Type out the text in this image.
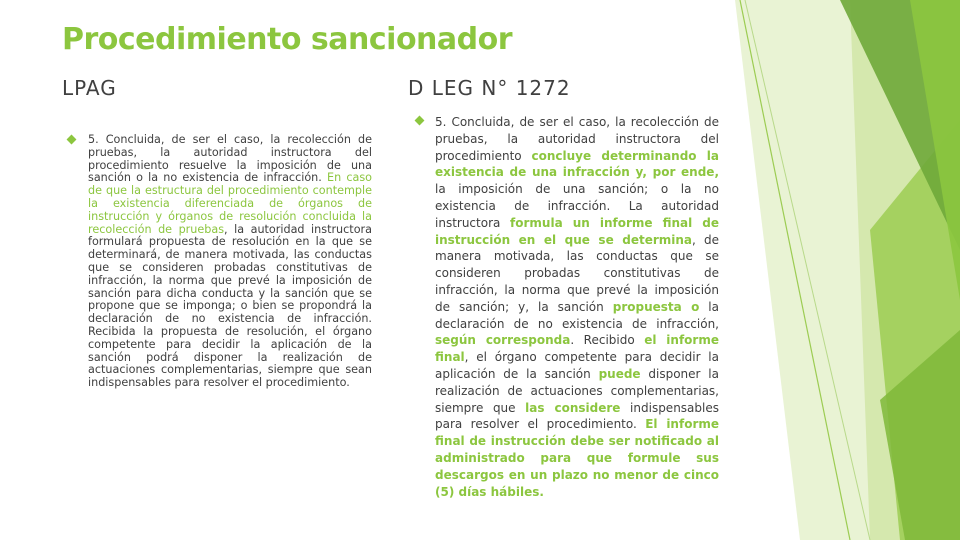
Procedimiento sancionador
LPAG	D LEG N° 1272

5. Concluida, de ser el caso, la recolección de pruebas, la autoridad instructora del procedimiento resuelve la imposición de una sanción o la no existencia de infracción. En caso de que la estructura del procedimiento contemple la existencia diferenciada de órganos de instrucción y órganos de resolución concluida la recolección de pruebas, la autoridad instructora formulará propuesta de resolución en la que se determinará, de manera motivada, las conductas que se consideren probadas constitutivas de infracción, la norma que prevé la imposición de sanción para dicha conducta y la sanción que se propone que se imponga; o bien se propondrá la declaración de no existencia de infracción. Recibida la propuesta de resolución, el órgano competente para decidir la aplicación de la sanción podrá disponer la realización de actuaciones complementarias, siempre que sean indispensables para resolver el procedimiento.

5. Concluida, de ser el caso, la recolección de pruebas, la autoridad instructora del procedimiento concluye determinando la existencia de una infracción y, por ende, la imposición de una sanción; o la no existencia de infracción. La autoridad instructora formula un informe final de instrucción en el que se determina, de manera motivada, las conductas que se consideren probadas constitutivas de infracción, la norma que prevé la imposición de sanción; y, la sanción propuesta o la declaración de no existencia de infracción, según corresponda. Recibido el informe final, el órgano competente para decidir la aplicación de la sanción puede disponer la realización de actuaciones complementarias, siempre que las considere indispensables para resolver el procedimiento. El informe final de instrucción debe ser notificado al administrado para que formule sus descargos en un plazo no menor de cinco (5) días hábiles.
